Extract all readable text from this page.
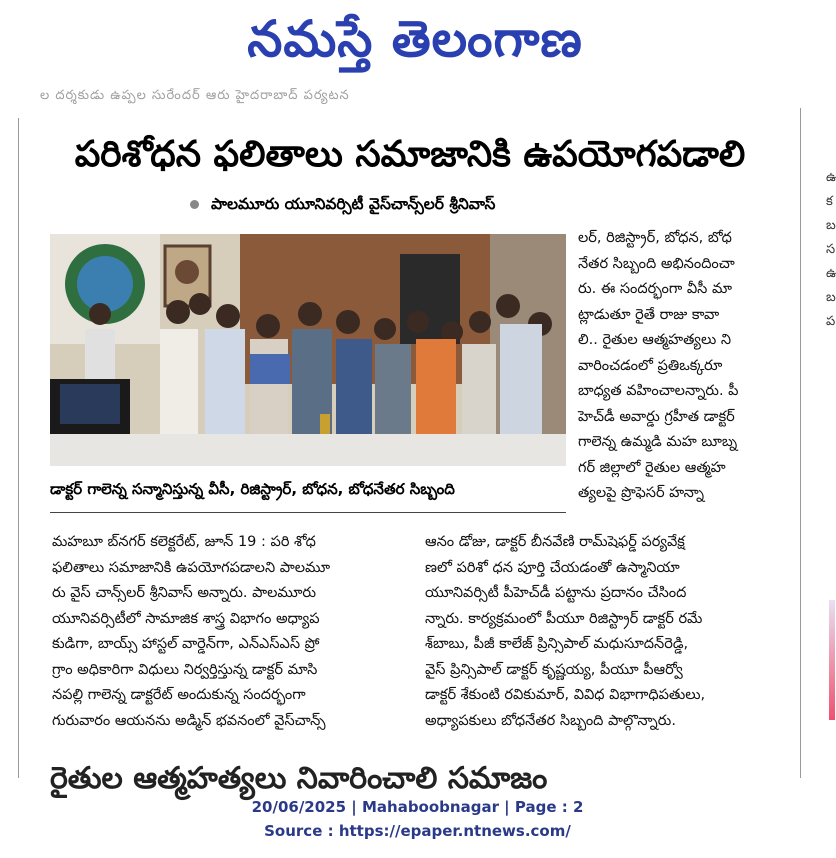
నమస్తే తెలంగాణ
ల దర్శకుడు ఉప్పల సురేందర్ ఆరు హైదరాబాద్ పర్యటన
పరిశోధన ఫలితాలు సమాజానికి ఉపయోగపడాలి
పాలమూరు యూనివర్సిటీ వైస్‌చాన్స్‌లర్ శ్రీనివాస్
డాక్టర్ గాలెన్న సన్మానిస్తున్న వీసీ, రిజిస్ట్రార్, బోధన, బోధనేతర సిబ్బంది
లర్, రిజిస్ట్రార్, బోధన, బోధ
నేతర సిబ్బంది అభినందించా
రు. ఈ సందర్భంగా వీసీ మా
ట్లాడుతూ రైతే రాజు కావా
లి.. రైతుల ఆత్మహత్యలు ని
వారించడంలో ప్రతిఒక్కరూ
బాధ్యత వహించాలన్నారు. పీ
హెచ్‌డీ అవార్డు గ్రహీత డాక్టర్
గాలెన్న ఉమ్మడి మహ బూబ్న
గర్ జిల్లాలో రైతుల ఆత్మహ
త్యలపై ప్రొఫెసర్ హన్నా
మహబూ బ్‌నగర్ కలెక్టరేట్, జూన్ 19 : పరి శోధ
ఫలితాలు సమాజానికి ఉపయోగపడాలని పాలమూ
రు వైస్ చాన్స్‌లర్ శ్రీనివాస్ అన్నారు. పాలమూరు
యూనివర్సిటీలో సామాజిక శాస్త్ర విభాగం అధ్యాప
కుడిగా, బాయ్స్ హాస్టల్ వార్డెన్‌గా, ఎన్ఎస్ఎస్ ప్రో
గ్రాం అధికారిగా విధులు నిర్వర్తిస్తున్న డాక్టర్ మాసి
నపల్లి గాలెన్న డాక్టరేట్ అందుకున్న సందర్భంగా
గురువారం ఆయనను అడ్మిన్ భవనంలో వైస్‌చాన్స్
ఆనం డోజు, డాక్టర్ బీనవేణి రామ్‌షెఫర్డ్ పర్యవేక్ష
ణలో పరిశో ధన పూర్తి చేయడంతో ఉస్మానియా
యూనివర్సిటీ పీహెచ్‌డీ పట్టాను ప్రదానం చేసింద
న్నారు. కార్యక్రమంలో పీయూ రిజిస్ట్రార్ డాక్టర్ రమే
శ్‌బాబు, పీజీ కాలేజ్ ప్రిన్సిపాల్ మధుసూదన్‌రెడ్డి,
వైస్ ప్రిన్సిపాల్ డాక్టర్ కృష్ణయ్య, పీయూ పీఆర్వో
డాక్టర్ శేకుంటి రవికుమార్, వివిధ విభాగాధిపతులు,
అధ్యాపకులు బోధనేతర సిబ్బంది పాల్గొన్నారు.
రైతుల ఆత్మహత్యలు నివారించాలి సమాజం
ఉ
క
బ
స
ఉ
బ
ప
20/06/2025 | Mahaboobnagar | Page : 2
Source : https://epaper.ntnews.com/
